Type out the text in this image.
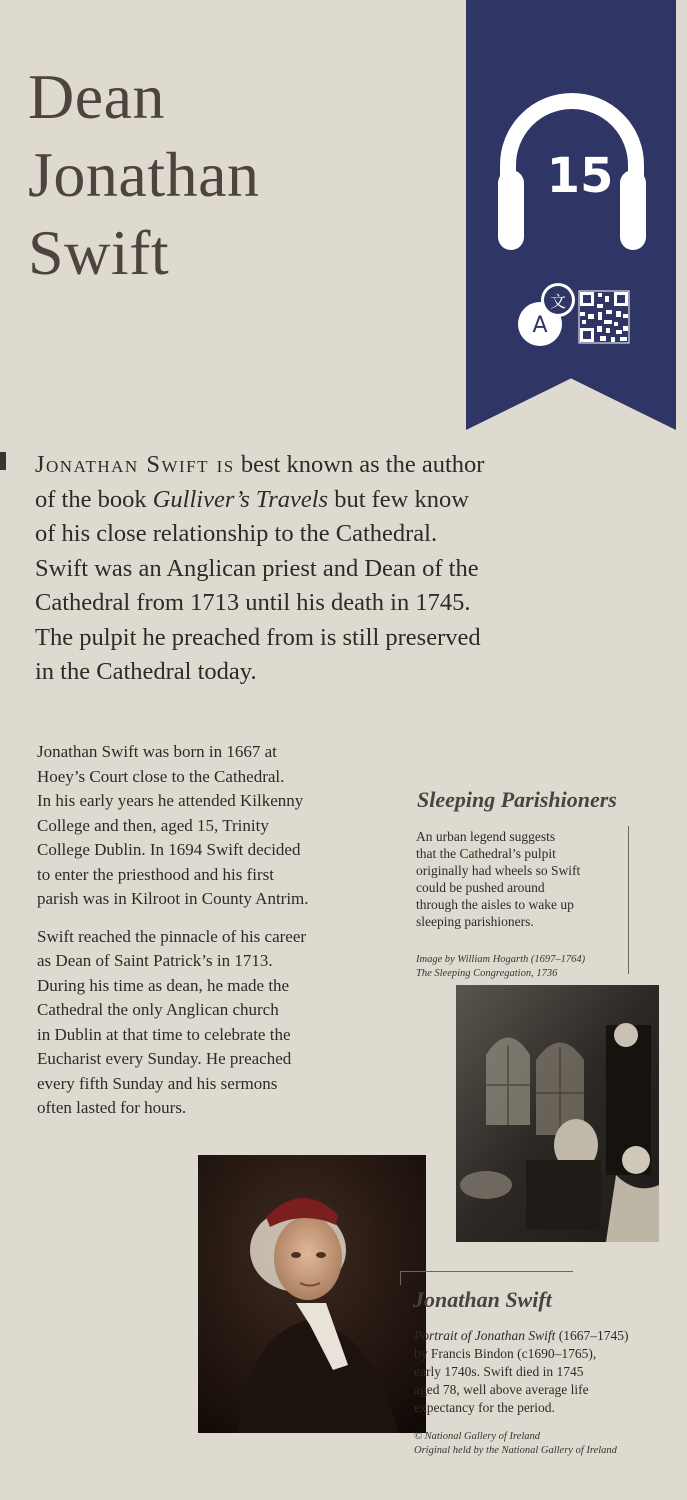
Dean
Jonathan
Swift
A
文
15

Jonathan Swift is best known as the author
of the book Gulliver’s Travels but few know
of his close relationship to the Cathedral.
Swift was an Anglican priest and Dean of the
Cathedral from 1713 until his death in 1745.
The pulpit he preached from is still preserved
in the Cathedral today.

Jonathan Swift was born in 1667 at
Hoey’s Court close to the Cathedral.
In his early years he attended Kilkenny
College and then, aged 15, Trinity
College Dublin. In 1694 Swift decided
to enter the priesthood and his first
parish was in Kilroot in County Antrim.

Swift reached the pinnacle of his career
as Dean of Saint Patrick’s in 1713.
During his time as dean, he made the
Cathedral the only Anglican church
in Dublin at that time to celebrate the
Eucharist every Sunday. He preached
every fifth Sunday and his sermons
often lasted for hours.

Sleeping Parishioners
An urban legend suggests
that the Cathedral’s pulpit
originally had wheels so Swift
could be pushed around
through the aisles to wake up
sleeping parishioners.
Image by William Hogarth (1697–1764)
The Sleeping Congregation, 1736
Jonathan Swift
Portrait of Jonathan Swift (1667–1745)
by Francis Bindon (c1690–1765),
early 1740s. Swift died in 1745
aged 78, well above average life
expectancy for the period.
© National Gallery of Ireland
Original held by the National Gallery of Ireland
